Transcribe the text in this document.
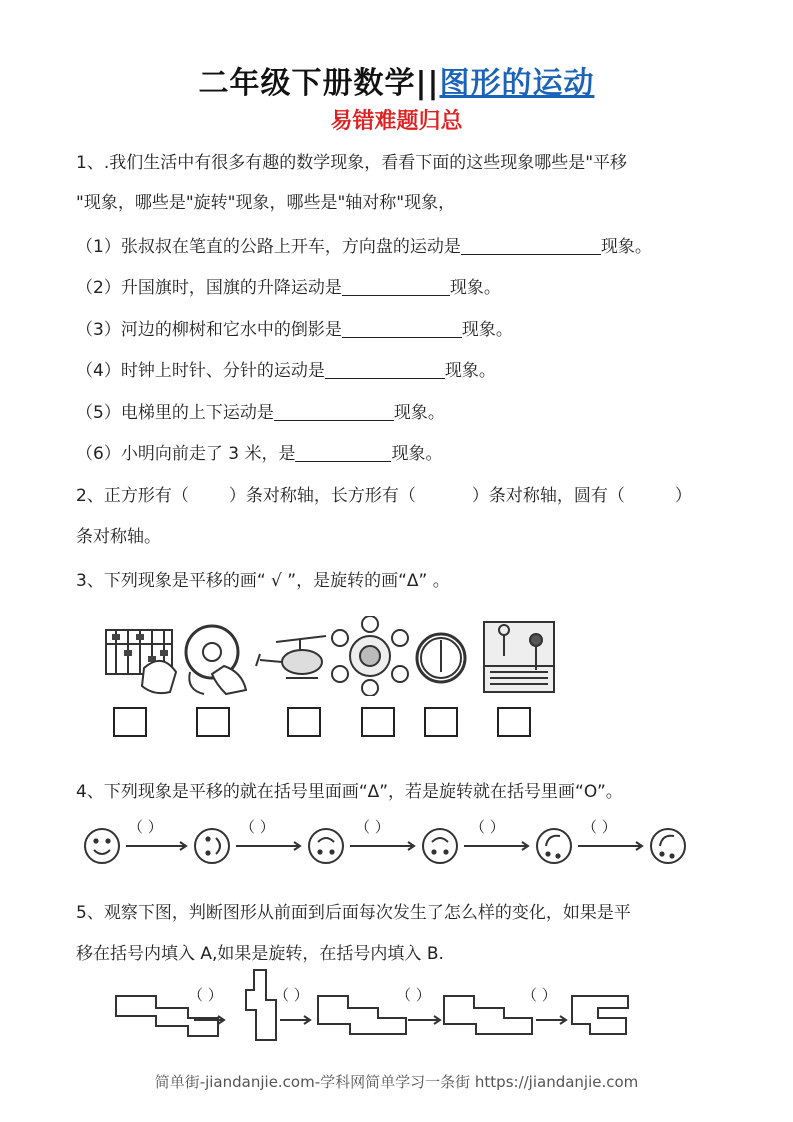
二年级下册数学||图形的运动
易错难题归总
1、.我们生活中有很多有趣的数学现象，看看下面的这些现象哪些是"平移
"现象，哪些是"旋转"现象，哪些是"轴对称"现象，
（1）张叔叔在笔直的公路上开车，方向盘的运动是	现象。
（2）升国旗时，国旗的升降运动是	现象。
（3）河边的柳树和它水中的倒影是	现象。
（4）时钟上时针、分针的运动是	现象。
（5）电梯里的上下运动是	现象。
（6）小明向前走了 3 米，是	现象。
2、正方形有（ ）条对称轴，长方形有（	）条对称轴，圆有（	）
条对称轴。
3、下列现象是平移的画“ √ ”，是旋转的画“Δ” 。
4、下列现象是平移的就在括号里面画“Δ”，若是旋转就在括号里画“O”。
（ ）	（ ）	（ ）	（ ）	（ ）
5、观察下图，判断图形从前面到后面每次发生了怎么样的变化，如果是平
移在括号内填入 A,如果是旋转，在括号内填入 B.
（ ）	（ ）	（ ）	（ ）
简单街-jiandanjie.com-学科网简单学习一条街 https://jiandanjie.com
